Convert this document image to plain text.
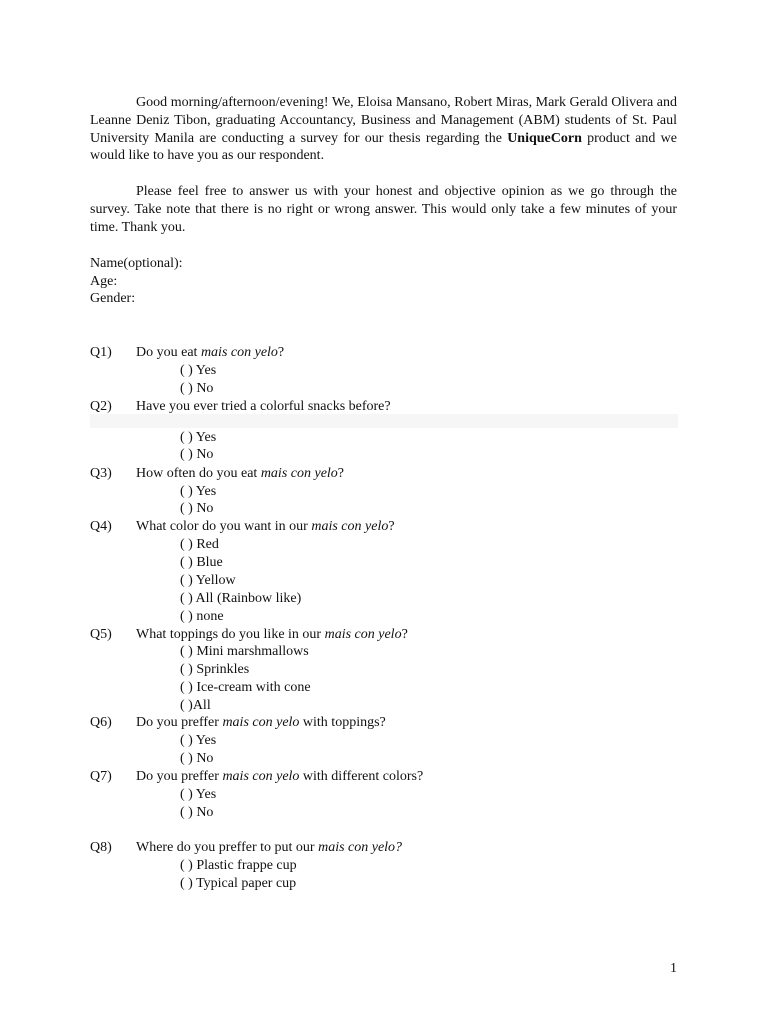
Good morning/afternoon/evening! We, Eloisa Mansano, Robert Miras, Mark Gerald Olivera and Leanne Deniz Tibon, graduating Accountancy, Business and Management (ABM) students of St. Paul University Manila are conducting a survey for our thesis regarding the UniqueCorn product and we would like to have you as our respondent.

Please feel free to answer us with your honest and objective opinion as we go through the survey. Take note that there is no right or wrong answer. This would only take a few minutes of your time. Thank you.

Name(optional):
Age:
Gender:
Q1) Do you eat mais con yelo?
( ) Yes
( ) No
Q2) Have you ever tried a colorful snacks before?
( ) Yes
( ) No
Q3) How often do you eat mais con yelo?
( ) Yes
( ) No
Q4) What color do you want in our mais con yelo?
( ) Red
( ) Blue
( ) Yellow
( ) All (Rainbow like)
( ) none
Q5) What toppings do you like in our mais con yelo?
( ) Mini marshmallows
( ) Sprinkles
( ) Ice-cream with cone
( )All
Q6) Do you preffer mais con yelo with toppings?
( ) Yes
( ) No
Q7) Do you preffer mais con yelo with different colors?
( ) Yes
( ) No
Q8) Where do you preffer to put our mais con yelo?
( ) Plastic frappe cup
( ) Typical paper cup
1
